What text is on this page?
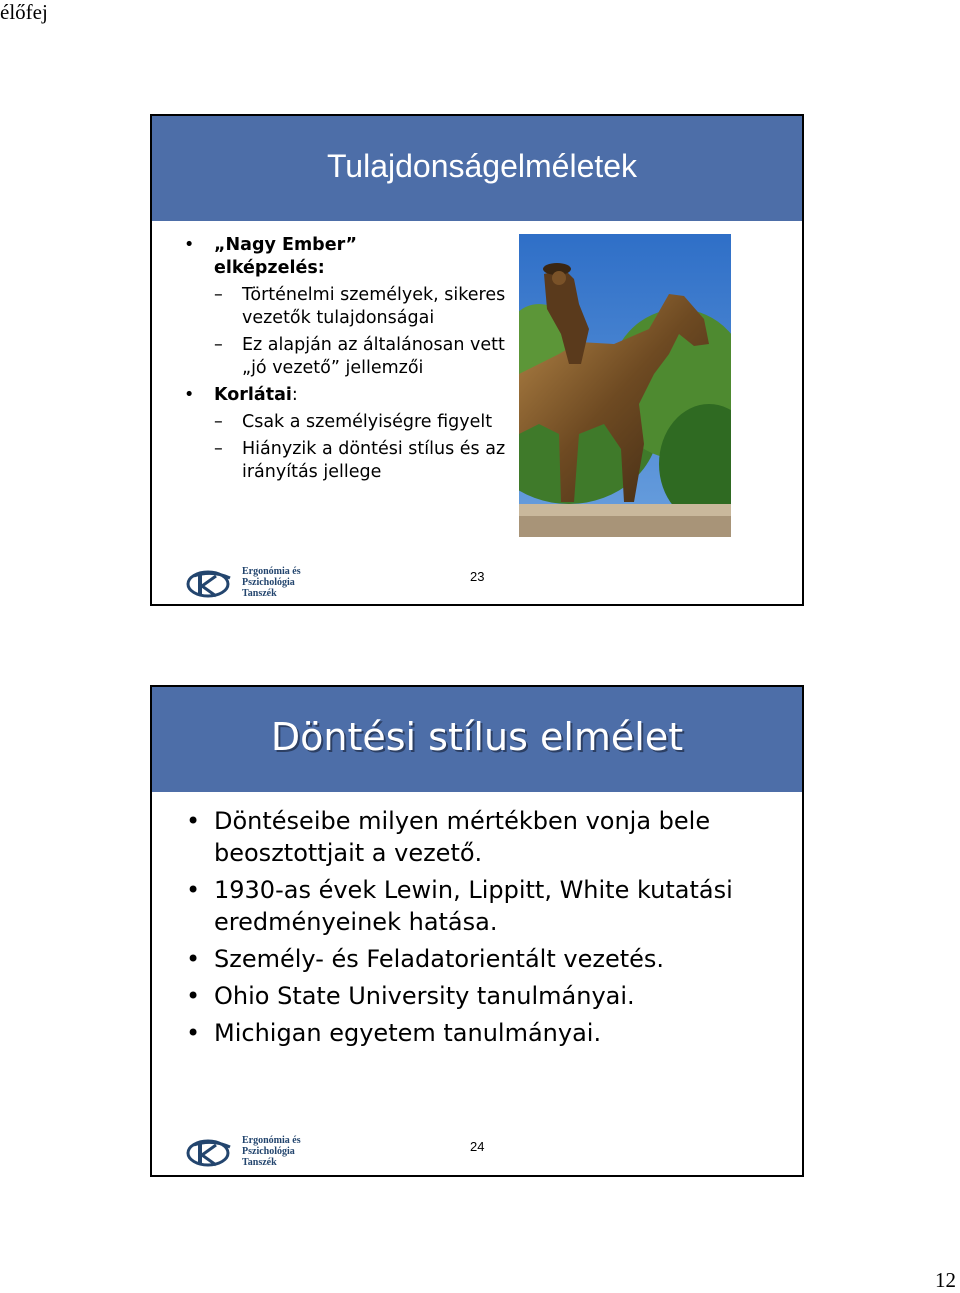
élőfej
Tulajdonságelméletek
• „Nagy Ember”
elképzelés:
– Történelmi személyek, sikeres vezetők tulajdonságai
– Ez alapján az általánosan vett „jó vezető” jellemzői
• Korlátai:
– Csak a személyiségre figyelt
– Hiányzik a döntési stílus és az irányítás jellege
Ergonómia és
Pszichológia
Tanszék
23
Döntési stílus elmélet
• Döntéseibe milyen mértékben vonja bele beosztottjait a vezető.
• 1930-as évek Lewin, Lippitt, White kutatási eredményeinek hatása.
• Személy- és Feladatorientált vezetés.
• Ohio State University tanulmányai.
• Michigan egyetem tanulmányai.
Ergonómia és
Pszichológia
Tanszék
24
12
